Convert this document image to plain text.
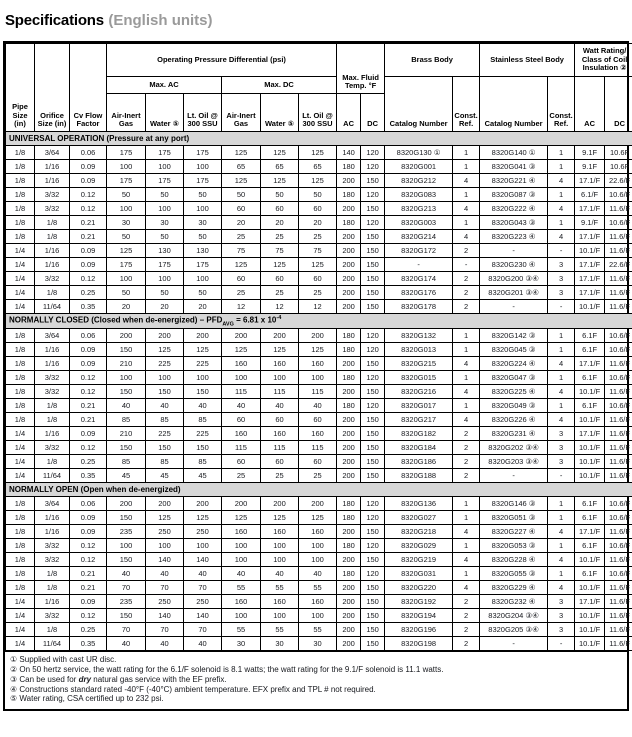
Specifications (English units)
Pipe Size (in)	Orifice Size (in)	Cv Flow Factor	Operating Pressure Differential (psi)						Max. Fluid Temp. °F		Brass Body		Stainless Steel Body		Watt Rating/ Class of Coil Insulation ②	
			Max. AC			Max. DC					Catalog Number	Const. Ref.	Catalog Number	Const. Ref.	AC	DC
			Air-Inert Gas	Water ⑤	Lt. Oil @ 300 SSU	Air-Inert Gas	Water ⑤	Lt. Oil @ 300 SSU	AC	DC						
UNIVERSAL OPERATION (Pressure at any port)																
1/8	3/64	0.06	175	175	175	125	125	125	140	120	8320G130 ①	1	8320G140 ①	1	9.1F	10.6F
1/8	1/16	0.09	100	100	100	65	65	65	180	120	8320G001	1	8320G041 ③	1	9.1F	10.6F
1/8	1/16	0.09	175	175	175	125	125	125	200	150	8320G212	4	8320G221 ④	4	17.1/F	22.6/F
1/8	3/32	0.12	50	50	50	50	50	50	180	120	8320G083	1	8320G087 ③	1	6.1/F	10.6/F
1/8	3/32	0.12	100	100	100	60	60	60	200	150	8320G213	4	8320G222 ④	4	17.1/F	11.6/F
1/8	1/8	0.21	30	30	30	20	20	20	180	120	8320G003	1	8320G043 ③	1	9.1/F	10.6/F
1/8	1/8	0.21	50	50	50	25	25	25	200	150	8320G214	4	8320G223 ④	4	17.1/F	11.6/F
1/4	1/16	0.09	125	130	130	75	75	75	200	150	8320G172	2	-	-	10.1/F	11.6/F
1/4	1/16	0.09	175	175	175	125	125	125	200	150	-	-	8320G230 ④	3	17.1/F	22.6/F
1/4	3/32	0.12	100	100	100	60	60	60	200	150	8320G174	2	8320G200 ③④	3	17.1/F	11.6/F
1/4	1/8	0.25	50	50	50	25	25	25	200	150	8320G176	2	8320G201 ③④	3	17.1/F	11.6/F
1/4	11/64	0.35	20	20	20	12	12	12	200	150	8320G178	2	-	-	10.1/F	11.6/F
NORMALLY CLOSED (Closed when de-energized) – $PFD_{AVG} = 6.81$ x $10^{-4}$
1/8	3/64	0.06	200	200	200	200	200	200	180	120	8320G132	1	8320G142 ③	1	6.1F	10.6/F
1/8	1/16	0.09	150	125	125	125	125	125	180	120	8320G013	1	8320G045 ③	1	6.1F	10.6/F
1/8	1/16	0.09	210	225	225	160	160	160	200	150	8320G215	4	8320G224 ④	4	17.1/F	11.6/F
1/8	3/32	0.12	100	100	100	100	100	100	180	120	8320G015	1	8320G047 ③	1	6.1F	10.6/F
1/8	3/32	0.12	150	150	150	115	115	115	200	150	8320G216	4	8320G225 ④	4	10.1/F	11.6/F
1/8	1/8	0.21	40	40	40	40	40	40	180	120	8320G017	1	8320G049 ③	1	6.1F	10.6/F
1/8	1/8	0.21	85	85	85	60	60	60	200	150	8320G217	4	8320G226 ④	4	10.1/F	11.6/F
1/4	1/16	0.09	210	225	225	160	160	160	200	150	8320G182	2	8320G231 ④	3	17.1/F	11.6/F
1/4	3/32	0.12	150	150	150	115	115	115	200	150	8320G184	2	8320G202 ③④	3	10.1/F	11.6/F
1/4	1/8	0.25	85	85	85	60	60	60	200	150	8320G186	2	8320G203 ③④	3	10.1/F	11.6/F
1/4	11/64	0.35	45	45	45	25	25	25	200	150	8320G188	2	-	-	10.1/F	11.6/F
NORMALLY OPEN (Open when de-energized)																
1/8	3/64	0.06	200	200	200	200	200	200	180	120	8320G136	1	8320G146 ③	1	6.1F	10.6/F
1/8	1/16	0.09	150	125	125	125	125	125	180	120	8320G027	1	8320G051 ③	1	6.1F	10.6/F
1/8	1/16	0.09	235	250	250	160	160	160	200	150	8320G218	4	8320G227 ④	4	17.1/F	11.6/F
1/8	3/32	0.12	100	100	100	100	100	100	180	120	8320G029	1	8320G053 ③	1	6.1F	10.6/F
1/8	3/32	0.12	150	140	140	100	100	100	200	150	8320G219	4	8320G228 ④	4	10.1/F	11.6/F
1/8	1/8	0.21	40	40	40	40	40	40	180	120	8320G031	1	8320G055 ③	1	6.1F	10.6/F
1/8	1/8	0.21	70	70	70	55	55	55	200	150	8320G220	4	8320G229 ④	4	10.1/F	11.6/F
1/4	1/16	0.09	235	250	250	160	160	160	200	150	8320G192	2	8320G232 ④	3	17.1/F	11.6/F
1/4	3/32	0.12	150	140	140	100	100	100	200	150	8320G194	2	8320G204 ③④	3	10.1/F	11.6/F
1/4	1/8	0.25	70	70	70	55	55	55	200	150	8320G196	2	8320G205 ③④	3	10.1/F	11.6/F
1/4	11/64	0.35	40	40	40	30	30	30	200	150	8320G198	2	-	-	10.1/F	11.6/F
① Supplied with cast UR disc.
② On 50 hertz service, the watt rating for the 6.1/F solenoid is 8.1 watts; the watt rating for the 9.1/F solenoid is 11.1 watts.
③ Can be used for dry natural gas service with the EF prefix.
④ Constructions standard rated -40°F (-40°C) ambient temperature. EFX prefix and TPL # not required.
⑤ Water rating, CSA certified up to 232 psi.
